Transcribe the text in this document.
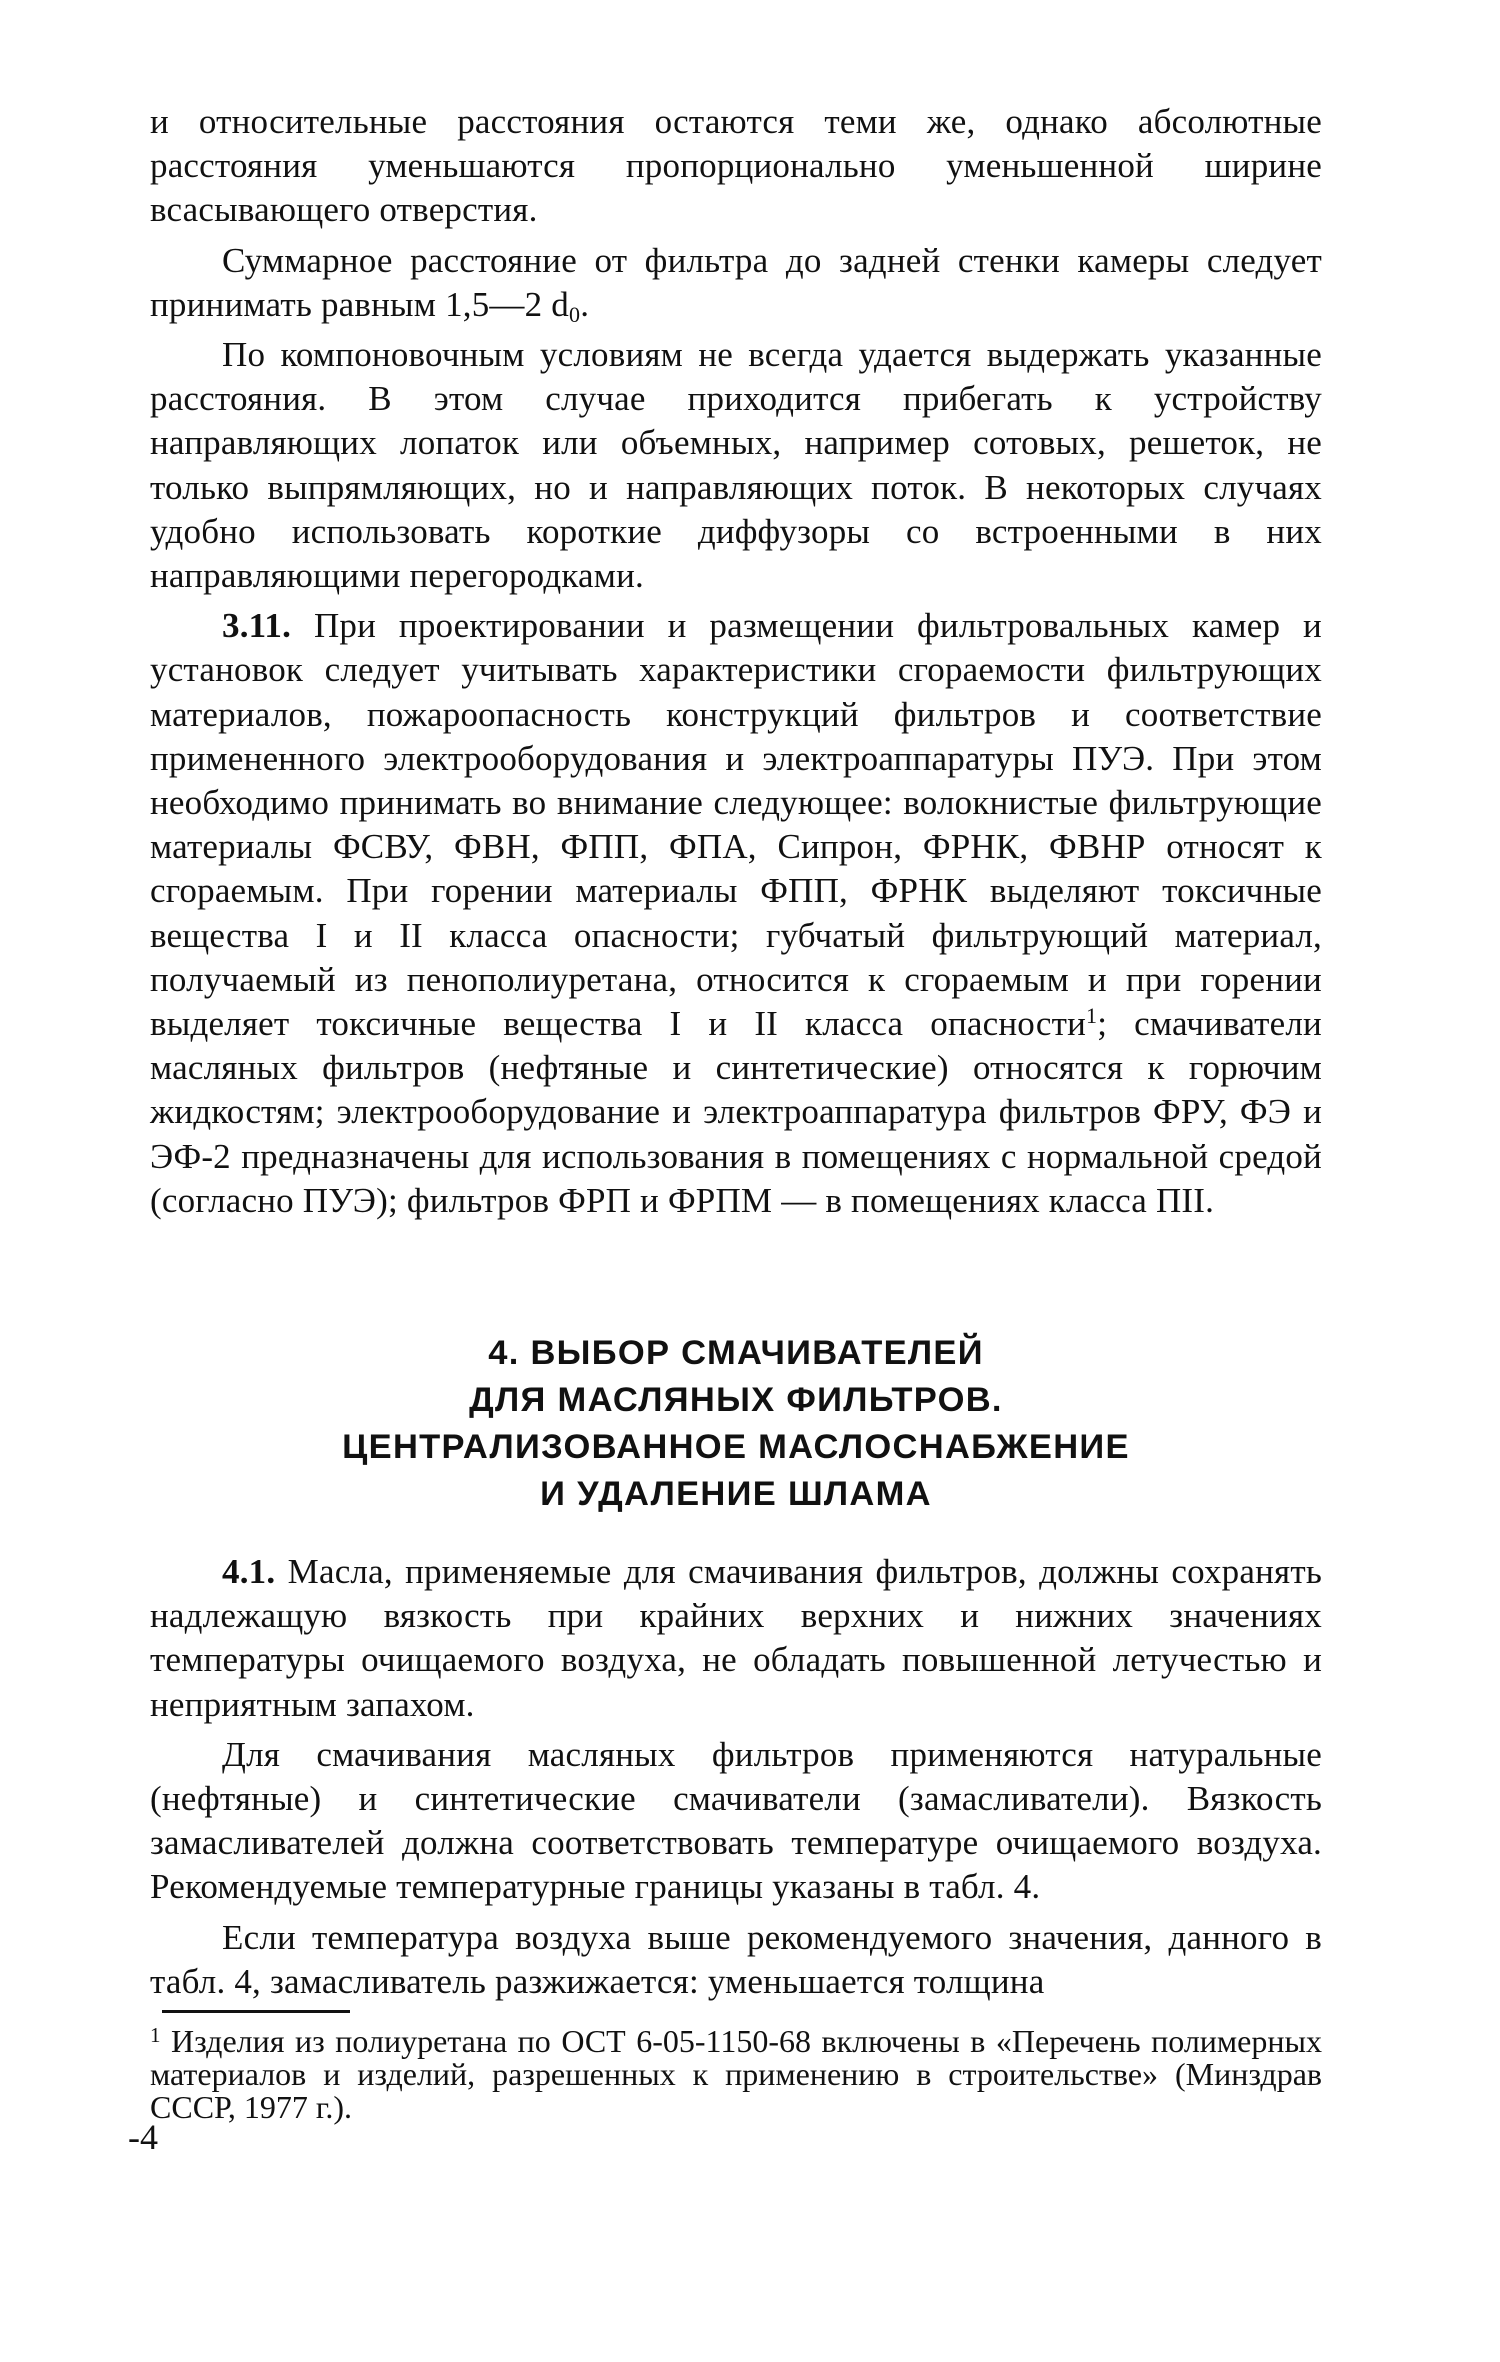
и относительные расстояния остаются теми же, однако абсолютные расстояния уменьшаются пропорционально уменьшенной ширине всасывающего отверстия.

Суммарное расстояние от фильтра до задней стенки камеры следует принимать равным 1,5—2 d0.

По компоновочным условиям не всегда удается выдержать указанные расстояния. В этом случае приходится прибегать к устройству направляющих лопаток или объемных, например сотовых, решеток, не только выпрямляющих, но и направляющих поток. В некоторых случаях удобно использовать короткие диффузоры со встроенными в них направляющими перегородками.

3.11. При проектировании и размещении фильтровальных камер и установок следует учитывать характеристики сгораемости фильтрующих материалов, пожароопасность конструкций фильтров и соответствие примененного электрооборудования и электроаппаратуры ПУЭ. При этом необходимо принимать во внимание следующее: волокнистые фильтрующие материалы ФСВУ, ФВН, ФПП, ФПА, Сипрон, ФРНК, ФВНР относят к сгораемым. При горении материалы ФПП, ФРНК выделяют токсичные вещества I и II класса опасности; губчатый фильтрующий материал, получаемый из пенополиуретана, относится к сгораемым и при горении выделяет токсичные вещества I и II класса опасности$^1$; смачиватели масляных фильтров (нефтяные и синтетические) относятся к горючим жидкостям; электрооборудование и электроаппаратура фильтров ФРУ, ФЭ и ЭФ-2 предназначены для использования в помещениях с нормальной средой (согласно ПУЭ); фильтров ФРП и ФРПМ — в помещениях класса ПII.

4. ВЫБОР СМАЧИВАТЕЛЕЙ
ДЛЯ МАСЛЯНЫХ ФИЛЬТРОВ.
ЦЕНТРАЛИЗОВАННОЕ МАСЛОСНАБЖЕНИЕ
И УДАЛЕНИЕ ШЛАМА

4.1. Масла, применяемые для смачивания фильтров, должны сохранять надлежащую вязкость при крайних верхних и нижних значениях температуры очищаемого воздуха, не обладать повышенной летучестью и неприятным запахом.

Для смачивания масляных фильтров применяются натуральные (нефтяные) и синтетические смачиватели (замасливатели). Вязкость замасливателей должна соответствовать температуре очищаемого воздуха. Рекомендуемые температурные границы указаны в табл. 4.

Если температура воздуха выше рекомендуемого значения, данного в табл. 4, замасливатель разжижается: уменьшается толщина

$^1$ Изделия из полиуретана по ОСТ 6-05-1150-68 включены в «Перечень полимерных материалов и изделий, разрешенных к применению в строительстве» (Минздрав СССР, 1977 г.).
-4
